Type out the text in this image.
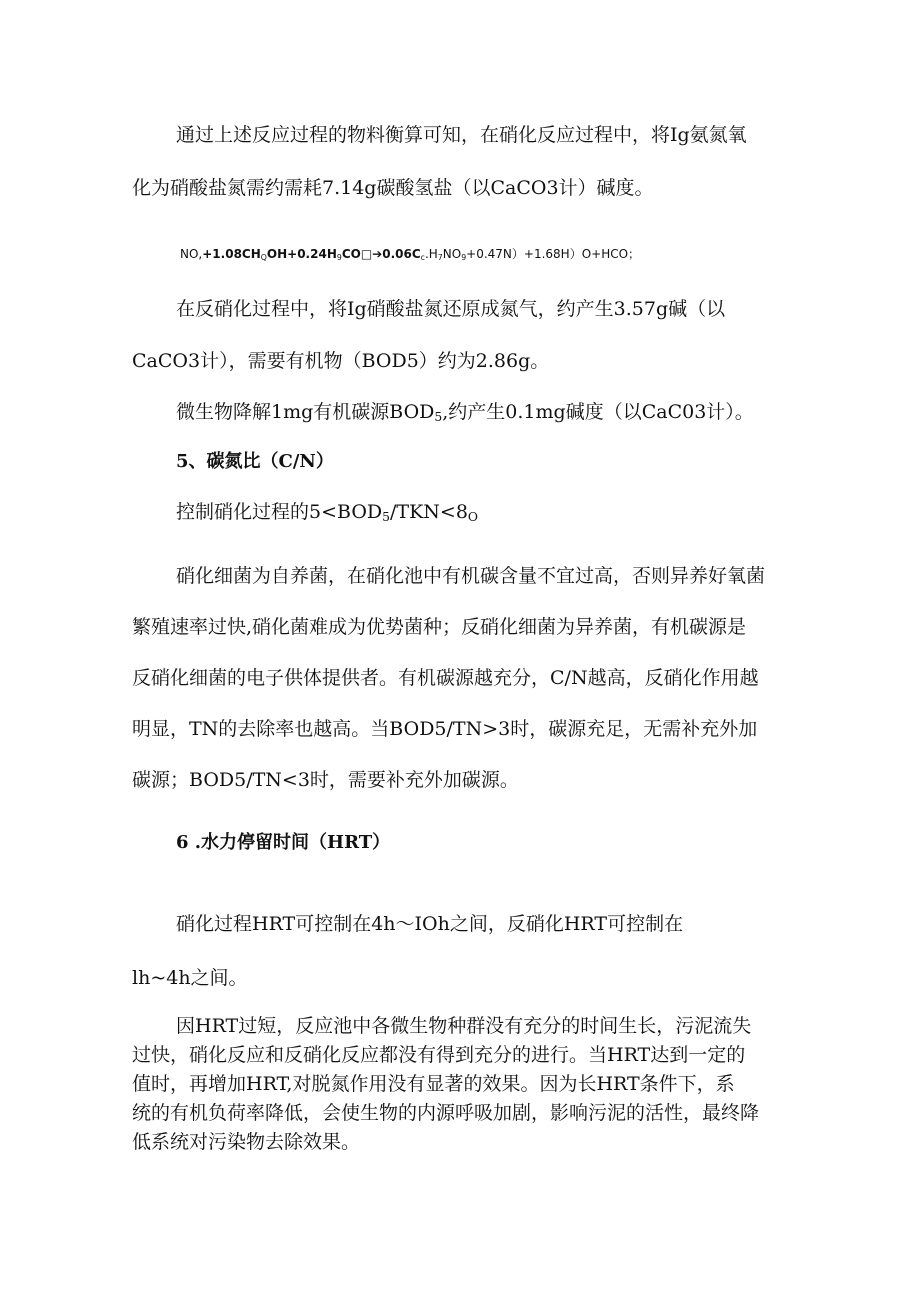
通过上述反应过程的物料衡算可知，在硝化反应过程中，将Ig氨氮氧
化为硝酸盐氮需约需耗7.14g碳酸氢盐（以CaCO3计）碱度。
$NO,+1.08CH_QOH+0.24H_9CO□➔0.06C_c.H_7NO_9+0.47N)+1.68H)O+HCO$；
在反硝化过程中，将Ig硝酸盐氮还原成氮气，约产生3.57g碱（以
CaCO3计），需要有机物（BOD5）约为2.86g。
微生物降解1mg有机碳源$BOD_5$,约产生0.1mg碱度（以CaC03计）。
5、碳氮比（C/N）
控制硝化过程的$5<BOD_5/TKN<8_O$
硝化细菌为自养菌，在硝化池中有机碳含量不宜过高，否则异养好氧菌
繁殖速率过快,硝化菌难成为优势菌种；反硝化细菌为异养菌，有机碳源是
反硝化细菌的电子供体提供者。有机碳源越充分，C/N越高，反硝化作用越
明显，TN的去除率也越高。当BOD5/TN>3时，碳源充足，无需补充外加
碳源；BOD5/TN<3时，需要补充外加碳源。
6 .水力停留时间（HRT）
硝化过程HRT可控制在4h～IOh之间，反硝化HRT可控制在
lh~4h之间。
因HRT过短，反应池中各微生物种群没有充分的时间生长，污泥流失
过快，硝化反应和反硝化反应都没有得到充分的进行。当HRT达到一定的
值时，再增加HRT,对脱氮作用没有显著的效果。因为长HRT条件下，系
统的有机负荷率降低，会使生物的内源呼吸加剧，影响污泥的活性，最终降
低系统对污染物去除效果。
